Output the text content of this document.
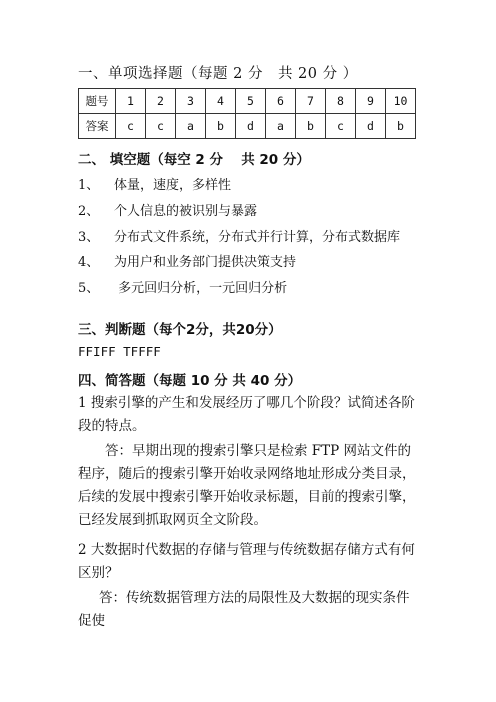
一、单项选择题（每题 2 分　共 20 分 ）
题号	1	2	3	4	5	6	7	8	9	10
答案	c	c	a	b	d	a	b	c	d	b
二、 填空题（每空 2 分　 共 20 分）
1、 体量，速度，多样性
2、 个人信息的被识别与暴露
3、 分布式文件系统，分布式并行计算，分布式数据库
4、 为用户和业务部门提供决策支持
5、 多元回归分析，一元回归分析
三、判断题（每个2分，共20分）
FFIFF TFFFF
四、简答题（每题 10 分 共 40 分）
1 搜索引擎的产生和发展经历了哪几个阶段？试简述各阶段的特点。
答：早期出现的搜索引擎只是检索 FTP 网站文件的程序，随后的搜索引擎开始收录网络地址形成分类目录，后续的发展中搜索引擎开始收录标题，目前的搜索引擎，已经发展到抓取网页全文阶段。
2 大数据时代数据的存储与管理与传统数据存储方式有何区别？
答：传统数据管理方法的局限性及大数据的现实条件促使
